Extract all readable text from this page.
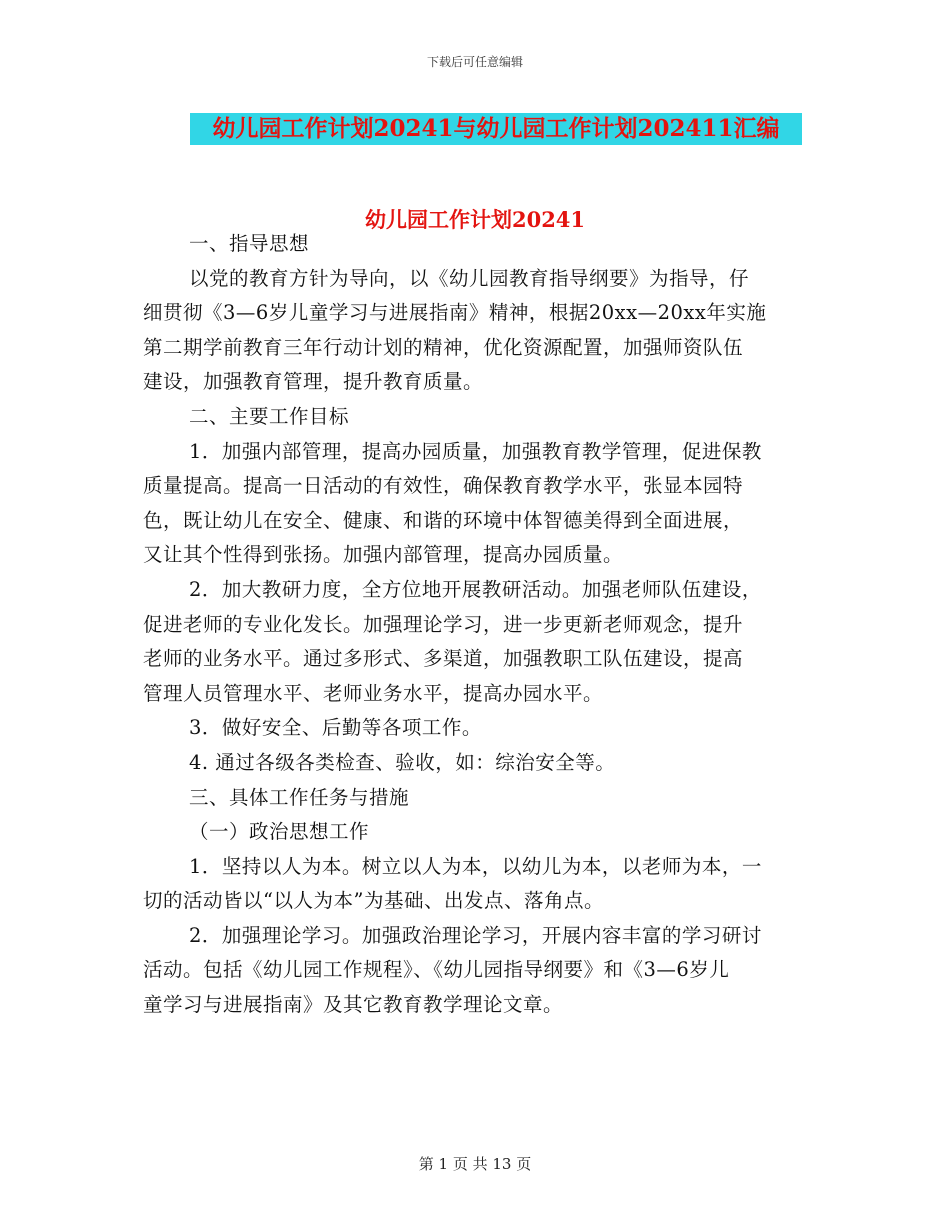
下载后可任意编辑
幼儿园工作计划20241与幼儿园工作计划202411汇编
幼儿园工作计划20241
一、指导思想
以党的教育方针为导向，以《幼儿园教育指导纲要》为指导，仔
细贯彻《3—6岁儿童学习与进展指南》精神，根据20xx—20xx年实施
第二期学前教育三年行动计划的精神，优化资源配置，加强师资队伍
建设，加强教育管理，提升教育质量。
二、主要工作目标
1．加强内部管理，提高办园质量，加强教育教学管理，促进保教
质量提高。提高一日活动的有效性，确保教育教学水平，张显本园特
色，既让幼儿在安全、健康、和谐的环境中体智德美得到全面进展，
又让其个性得到张扬。加强内部管理，提高办园质量。
2．加大教研力度，全方位地开展教研活动。加强老师队伍建设，
促进老师的专业化发长。加强理论学习，进一步更新老师观念，提升
老师的业务水平。通过多形式、多渠道，加强教职工队伍建设，提高
管理人员管理水平、老师业务水平，提高办园水平。
3．做好安全、后勤等各项工作。
4. 通过各级各类检查、验收，如：综治安全等。
三、具体工作任务与措施
（一）政治思想工作
1．坚持以人为本。树立以人为本，以幼儿为本，以老师为本，一
切的活动皆以“以人为本”为基础、出发点、落角点。
2．加强理论学习。加强政治理论学习，开展内容丰富的学习研讨
活动。包括《幼儿园工作规程》、《幼儿园指导纲要》和《3—6岁儿
童学习与进展指南》及其它教育教学理论文章。
第 1 页 共 13 页
